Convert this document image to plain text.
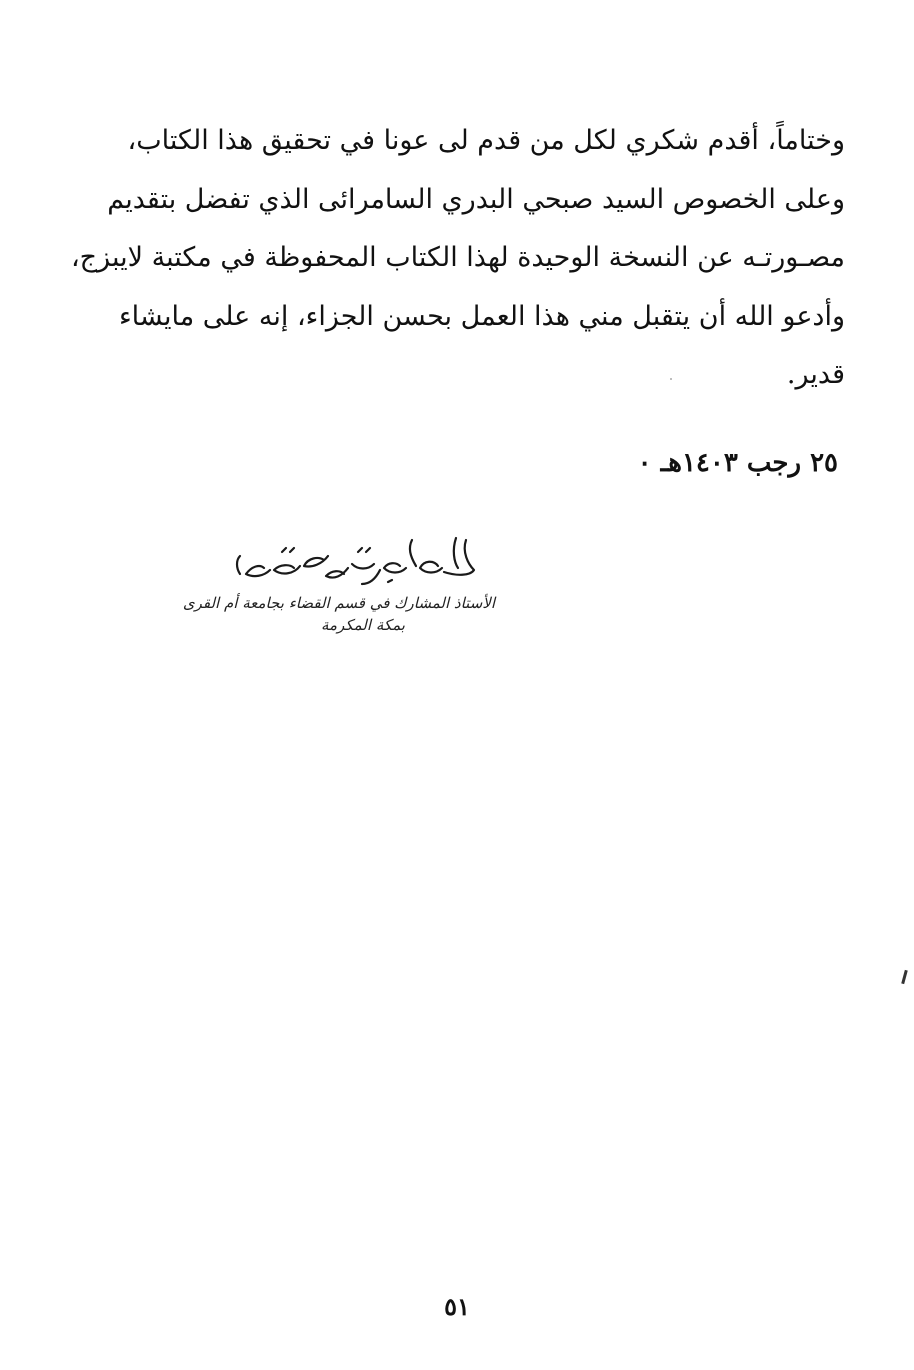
وختاماً، أقدم شكري لكل من قدم لى عونا في تحقيق هذا الكتاب،
وعلى الخصوص السيد صبحي البدري السامرائى الذي تفضل بتقديم
مصـورتـه عن النسخة الوحيدة لهذا الكتاب المحفوظة في مكتبة لايبزج،
وأدعو الله أن يتقبل مني هذا العمل بحسن الجزاء، إنه على مايشاء
قدير.
٢٥ رجب ١٤٠٣هـ ٠
الأستاذ المشارك في قسم القضاء بجامعة أم القرى
بمكة المكرمة
٥١
